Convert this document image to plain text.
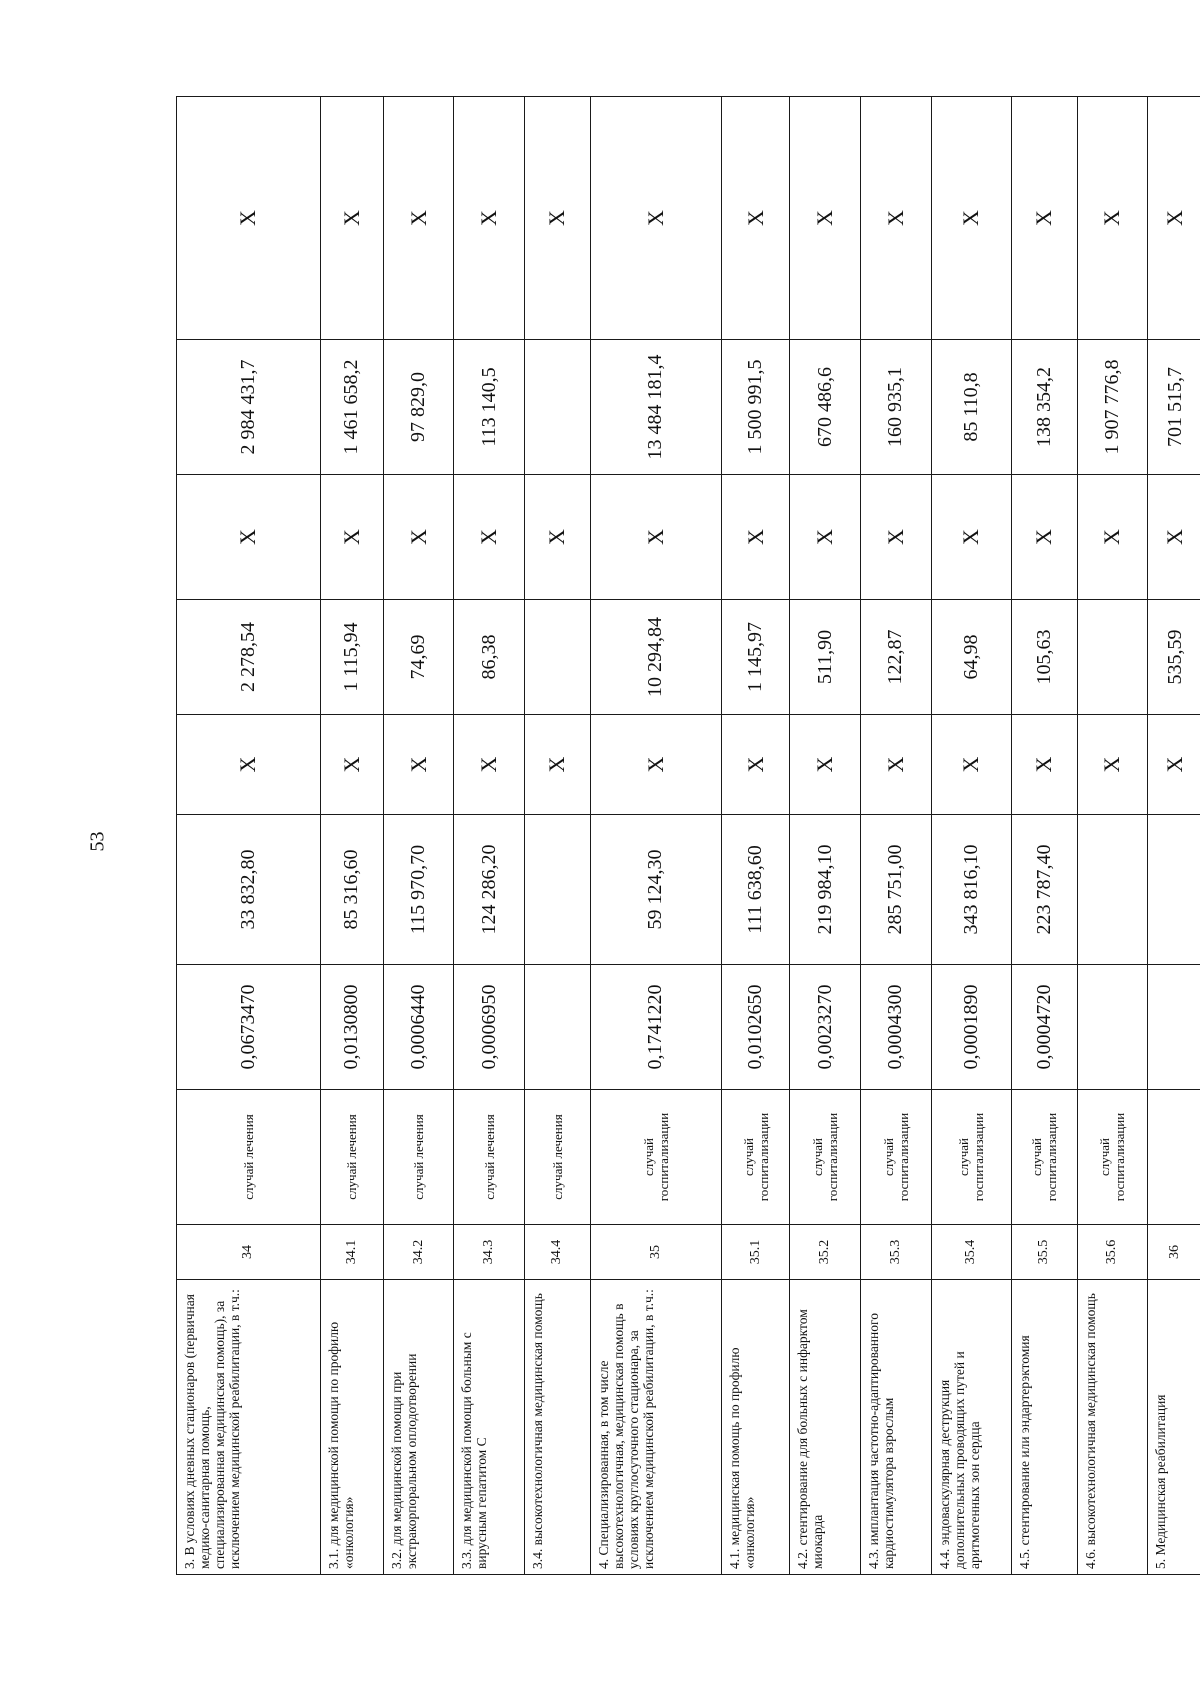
53
3. В условиях дневных стационаров (первичная медико-санитарная помощь, специализированная медицинская помощь), за исключением медицинской реабилитации, в т.ч.:	34	случай лечения	0,0673470	33 832,80	Х	2 278,54	Х	2 984 431,7	Х
3.1. для медицинской помощи по профилю «онкология»	34.1	случай лечения	0,0130800	85 316,60	Х	1 115,94	Х	1 461 658,2	Х
3.2. для медицинской помощи при экстракорпоральном оплодотворении	34.2	случай лечения	0,0006440	115 970,70	Х	74,69	Х	97 829,0	Х
3.3. для медицинской помощи больным с вирусным гепатитом С	34.3	случай лечения	0,0006950	124 286,20	Х	86,38	Х	113 140,5	Х
3.4. высокотехнологичная медицинская помощь	34.4	случай лечения			Х		Х		Х
4. Специализированная, в том числе высокотехнологичная, медицинская помощь в условиях круглосуточного стационара, за исключением медицинской реабилитации, в т.ч.:	35	случай госпитализации	0,1741220	59 124,30	Х	10 294,84	Х	13 484 181,4	Х
4.1. медицинская помощь по профилю «онкология»	35.1	случай госпитализации	0,0102650	111 638,60	Х	1 145,97	Х	1 500 991,5	Х
4.2. стентирование для больных с инфарктом миокарда	35.2	случай госпитализации	0,0023270	219 984,10	Х	511,90	Х	670 486,6	Х
4.3. имплантация частотно-адаптированного кардиостимулятора взрослым	35.3	случай госпитализации	0,0004300	285 751,00	Х	122,87	Х	160 935,1	Х
4.4. эндоваскулярная деструкция дополнительных проводящих путей и аритмогенных зон сердца	35.4	случай госпитализации	0,0001890	343 816,10	Х	64,98	Х	85 110,8	Х
4.5. стентирование или эндартерэктомия	35.5	случай госпитализации	0,0004720	223 787,40	Х	105,63	Х	138 354,2	Х
4.6. высокотехнологичная медицинская помощь	35.6	случай госпитализации			Х		Х	1 907 776,8	Х
5. Медицинская реабилитация	36				Х	535,59	Х	701 515,7	Х
